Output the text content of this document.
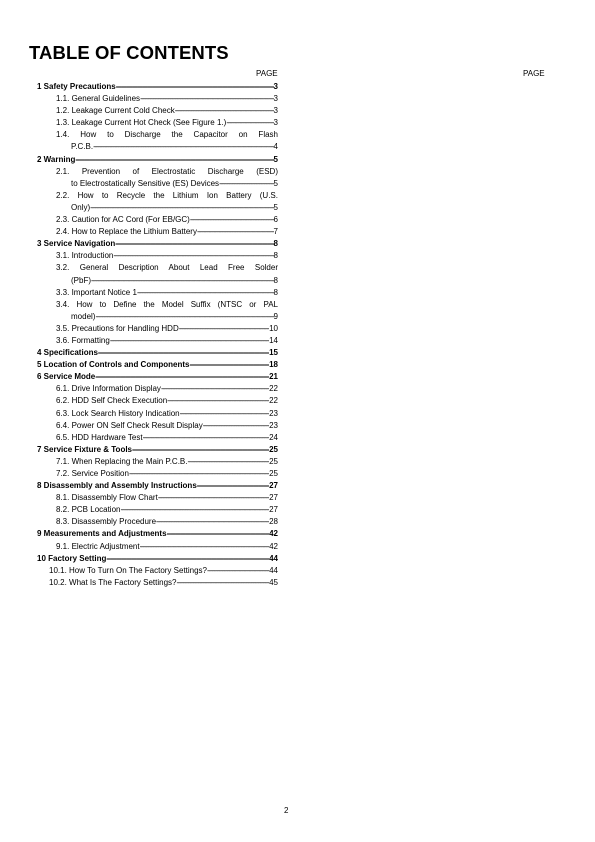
TABLE OF CONTENTS
PAGE	PAGE
1 Safety Precautions -----	3
1.1. General Guidelines -----	3
1.2. Leakage Current Cold Check -----	3
1.3. Leakage Current Hot Check (See Figure 1.) -----	3
1.4. How to Discharge the Capacitor on Flash
P.C.B. -----	4
2 Warning -----	5
2.1. Prevention of Electrostatic Discharge (ESD)
to Electrostatically Sensitive (ES) Devices -----	5
2.2. How to Recycle the Lithium Ion Battery (U.S.
Only) -----	5
2.3. Caution for AC Cord (For EB/GC) -----	6
2.4. How to Replace the Lithium Battery -----	7
3 Service Navigation -----	8
3.1. Introduction -----	8
3.2. General Description About Lead Free Solder
(PbF) -----	8
3.3. Important Notice 1 -----	8
3.4. How to Define the Model Suffix (NTSC or PAL
model) -----	9
3.5. Precautions for Handling HDD -----	10
3.6. Formatting -----	14
4 Specifications -----	15
5 Location of Controls and Components -----	18
6 Service Mode -----	21
6.1. Drive Information Display -----	22
6.2. HDD Self Check Execution -----	22
6.3. Lock Search History Indication -----	23
6.4. Power ON Self Check Result Display -----	23
6.5. HDD Hardware Test -----	24
7 Service Fixture & Tools -----	25
7.1. When Replacing the Main P.C.B. -----	25
7.2. Service Position -----	25
8 Disassembly and Assembly Instructions -----	27
8.1. Disassembly Flow Chart -----	27
8.2. PCB Location -----	27
8.3. Disassembly Procedure -----	28
9 Measurements and Adjustments -----	42
9.1. Electric Adjustment -----	42
10 Factory Setting -----	44
10.1. How To Turn On The Factory Settings? -----	44
10.2. What Is The Factory Settings? -----	45
2
